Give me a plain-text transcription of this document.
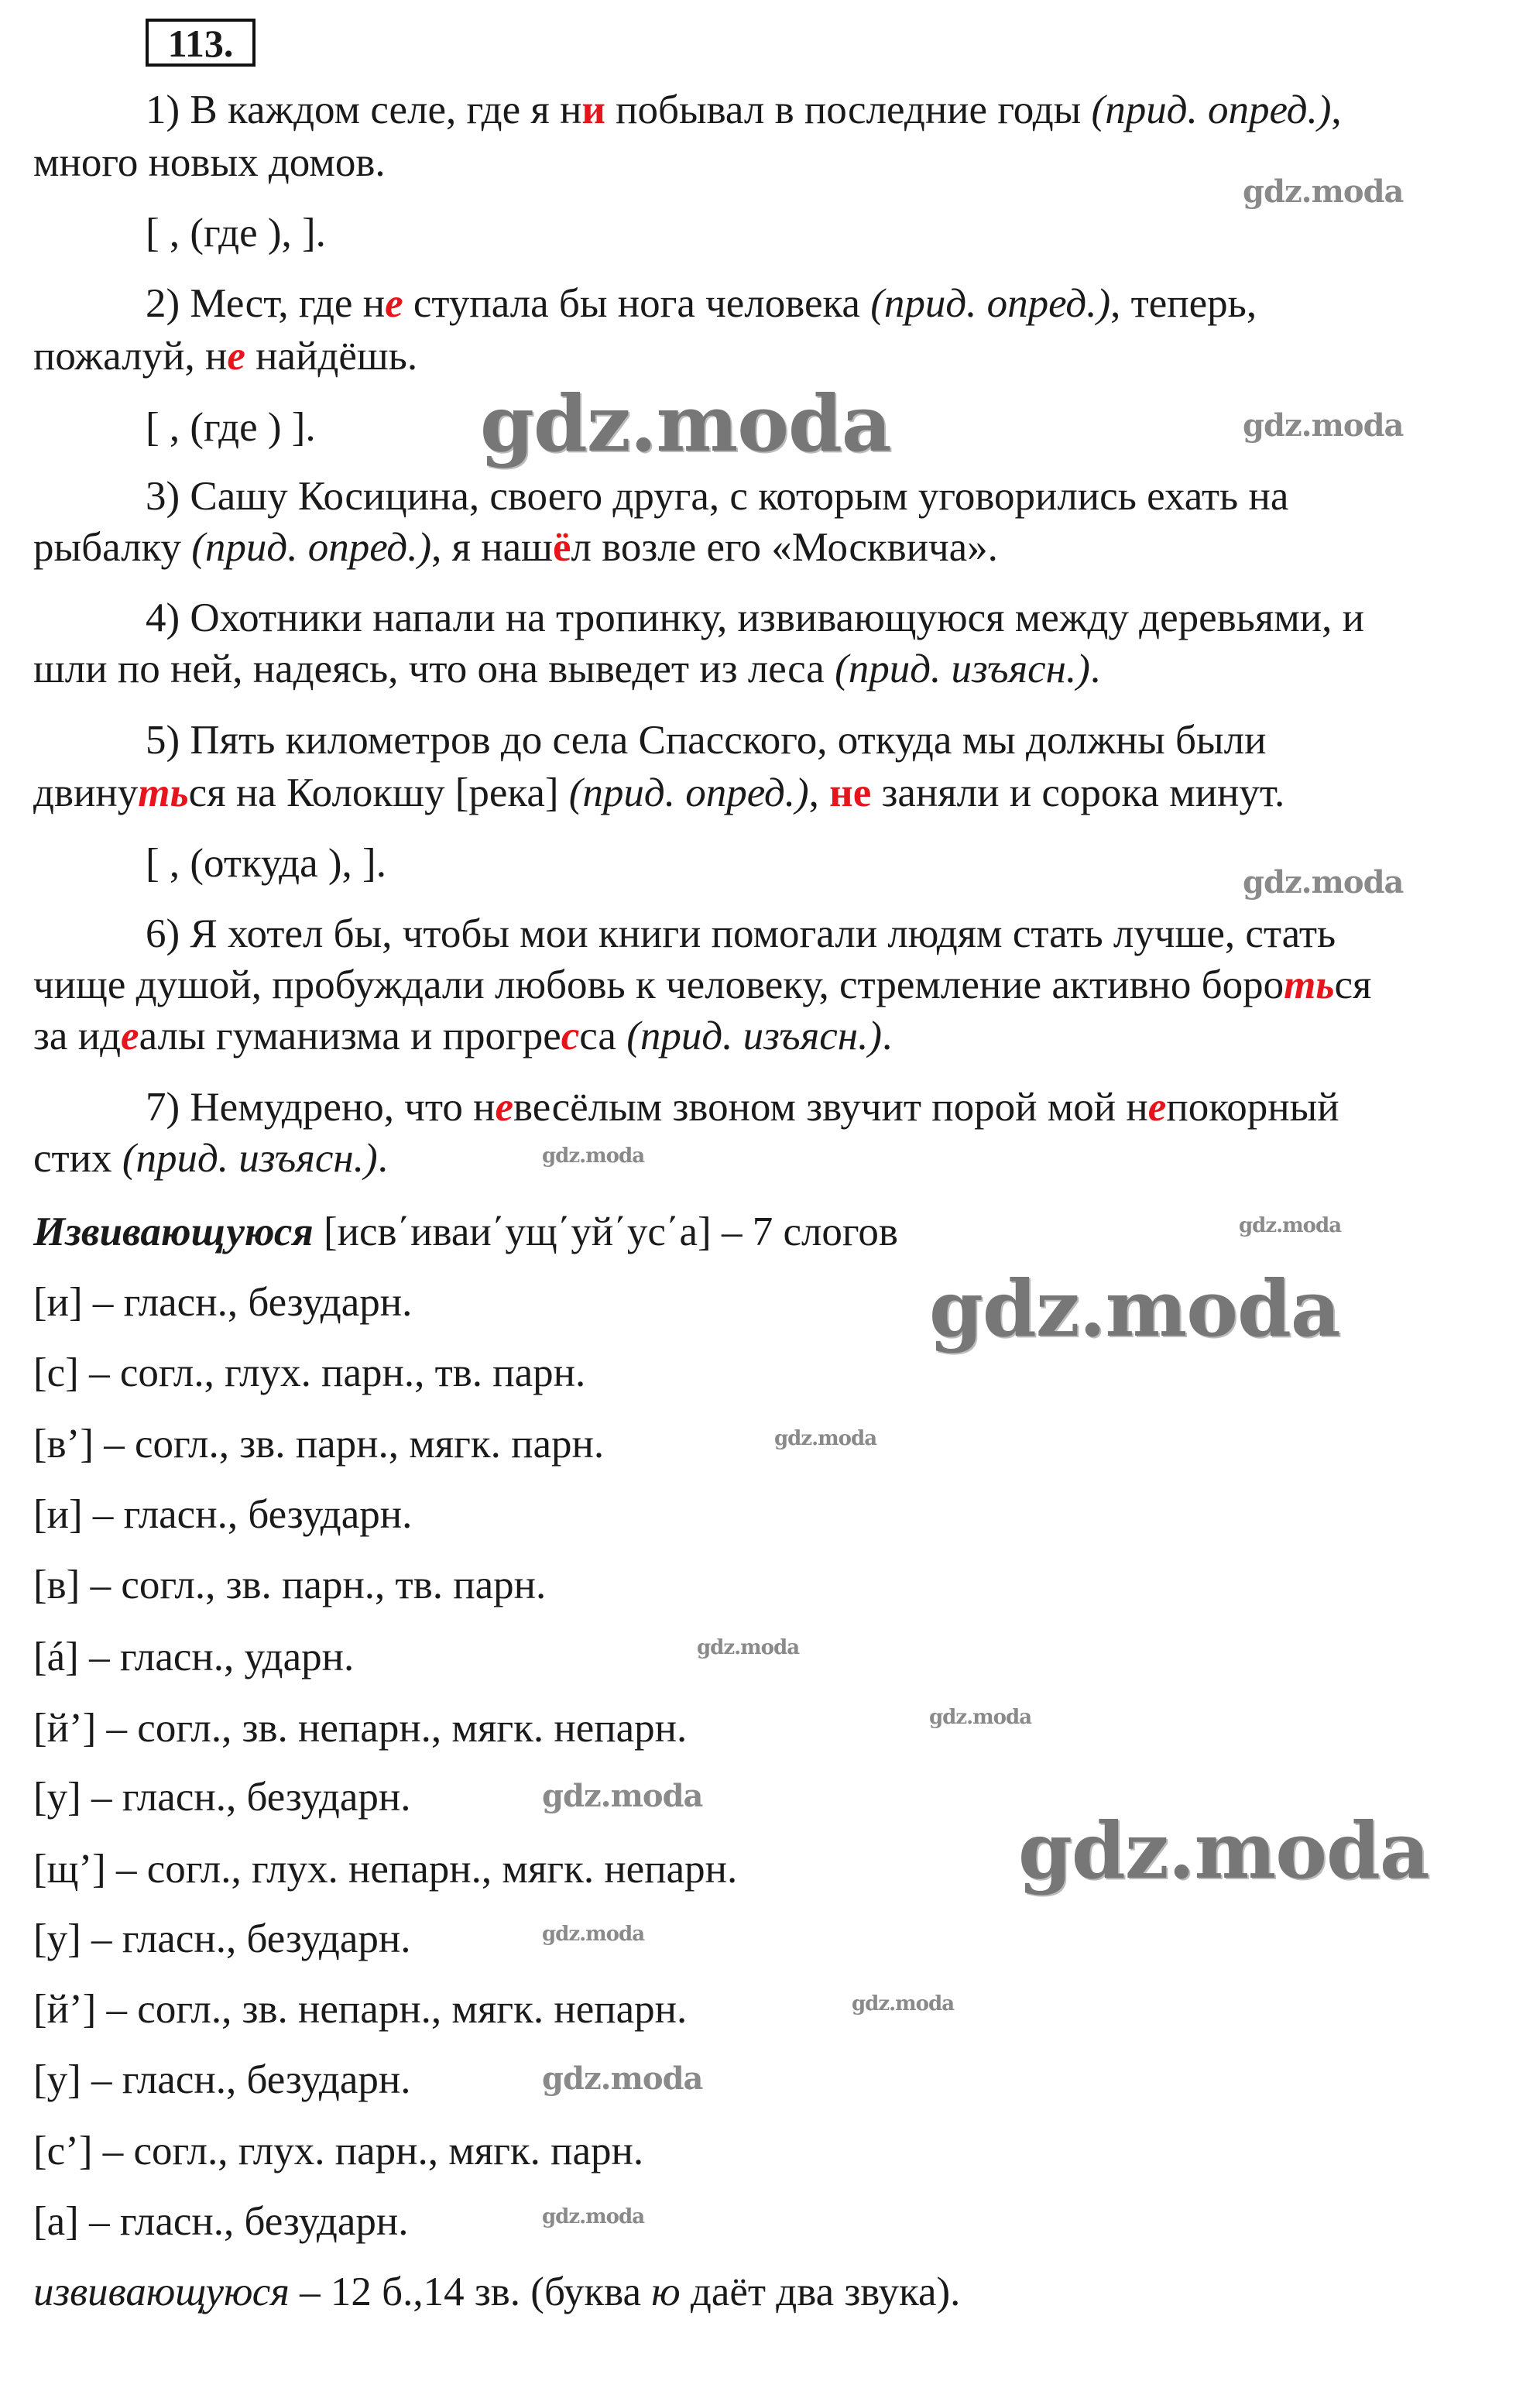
113.
1) В каждом селе, где я ни побывал в последние годы (прид. опред.),
много новых домов.
[ , (где ), ].
2) Мест, где не ступала бы нога человека (прид. опред.), теперь,
пожалуй, не найдёшь.
[ , (где ) ].
3) Сашу Косицина, своего друга, с которым уговорились ехать на
рыбалку (прид. опред.), я нашёл возле его «Москвича».
4) Охотники напали на тропинку, извивающуюся между деревьями, и
шли по ней, надеясь, что она выведет из леса (прид. изъясн.).
5) Пять километров до села Спасского, откуда мы должны были
двинуться на Колокшу [река] (прид. опред.), не заняли и сорока минут.
[ , (откуда ), ].
6) Я хотел бы, чтобы мои книги помогали людям стать лучше, стать
чище душой, пробуждали любовь к человеку, стремление активно бороться
за идеалы гуманизма и прогресса (прид. изъясн.).
7) Немудрено, что невесёлым звоном звучит порой мой непокорный
стих (прид. изъясн.).
Извивающуюся [исв΄иваи΄ущ΄уй΄ус΄а] – 7 слогов
[и] – гласн., безударн.
[с] – согл., глух. парн., тв. парн.
[в’] – согл., зв. парн., мягк. парн.
[и] – гласн., безударн.
[в] – согл., зв. парн., тв. парн.
[á] – гласн., ударн.
[й’] – согл., зв. непарн., мягк. непарн.
[у] – гласн., безударн.
[щ’] – согл., глух. непарн., мягк. непарн.
[у] – гласн., безударн.
[й’] – согл., зв. непарн., мягк. непарн.
[у] – гласн., безударн.
[с’] – согл., глух. парн., мягк. парн.
[а] – гласн., безударн.
извивающуюся – 12 б.,14 зв. (буква ю даёт два звука).
gdz.moda
gdz.moda
gdz.moda
gdz.moda
gdz.moda
gdz.moda
gdz.moda
gdz.moda
gdz.moda
gdz.moda
gdz.moda
gdz.moda
gdz.moda
gdz.moda
gdz.moda
gdz.moda
